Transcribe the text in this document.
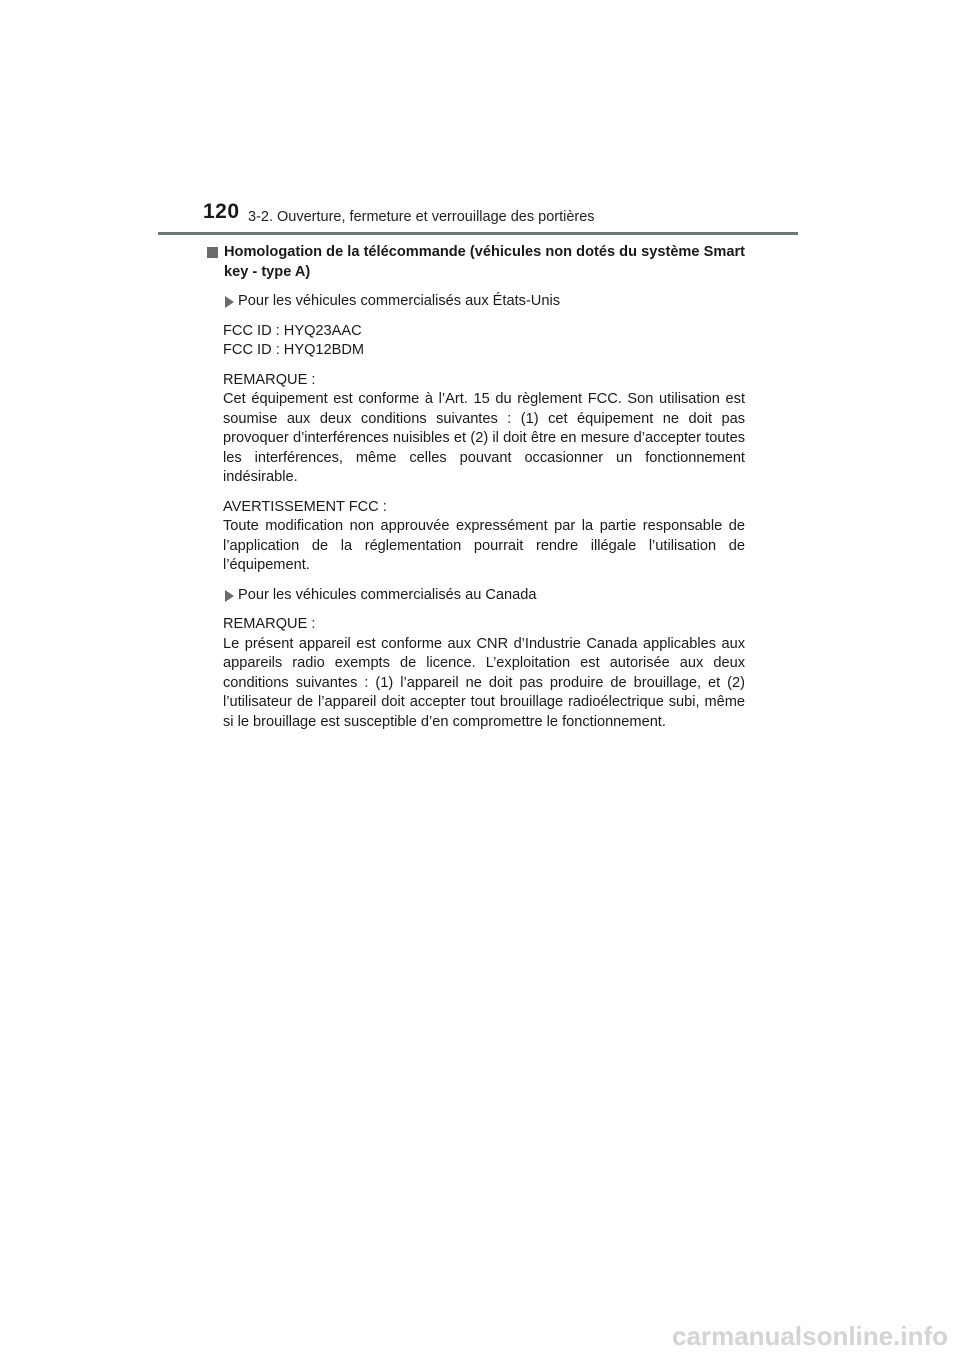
120 3-2. Ouverture, fermeture et verrouillage des portières
Homologation de la télécommande (véhicules non dotés du système Smart key - type A)
Pour les véhicules commercialisés aux États-Unis
FCC ID : HYQ23AAC
FCC ID : HYQ12BDM
REMARQUE :
Cet équipement est conforme à l’Art. 15 du règlement FCC. Son utilisation est soumise aux deux conditions suivantes : (1) cet équipement ne doit pas provoquer d’interférences nuisibles et (2) il doit être en mesure d’accepter toutes les interférences, même celles pouvant occasionner un fonctionnement indésirable.
AVERTISSEMENT FCC :
Toute modification non approuvée expressément par la partie responsable de l’application de la réglementation pourrait rendre illégale l’utilisation de l’équipement.
Pour les véhicules commercialisés au Canada
REMARQUE :
Le présent appareil est conforme aux CNR d’Industrie Canada applicables aux appareils radio exempts de licence. L’exploitation est autorisée aux deux conditions suivantes : (1) l’appareil ne doit pas produire de brouillage, et (2) l’utilisateur de l’appareil doit accepter tout brouillage radioélectrique subi, même si le brouillage est susceptible d’en compromettre le fonctionnement.
carmanualsonline.info
